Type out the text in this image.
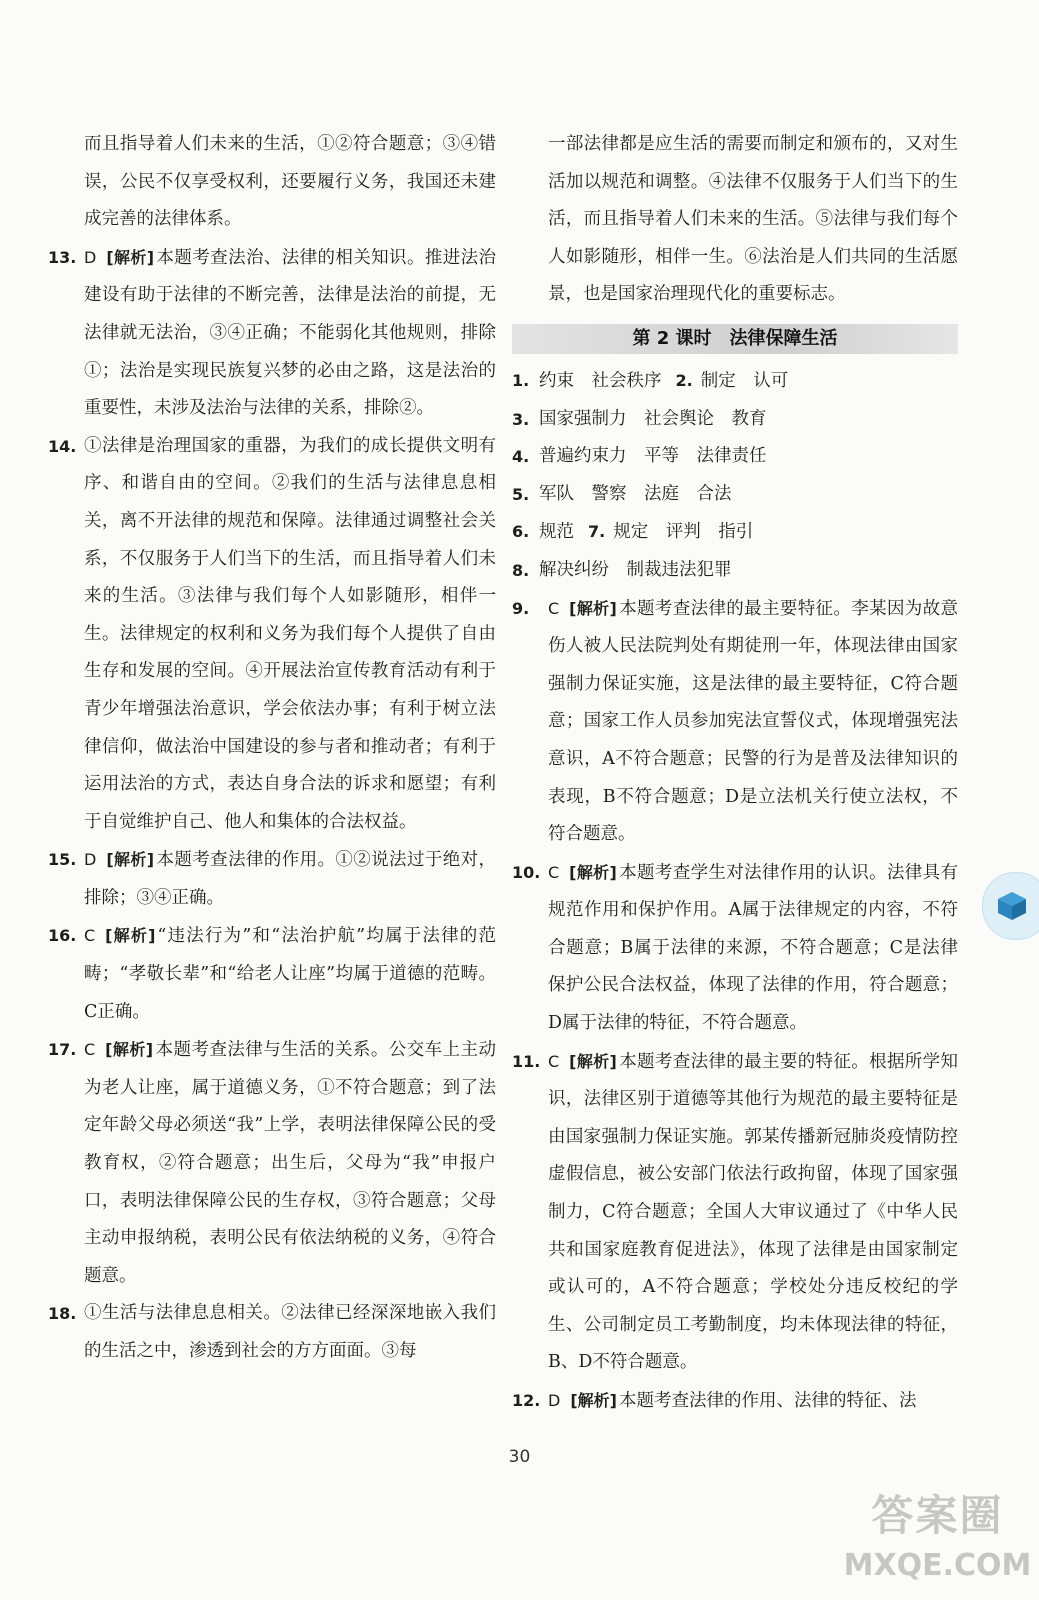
而且指导着人们未来的生活，①②符合题意；③④错误，公民不仅享受权利，还要履行义务，我国还未建成完善的法律体系。

13. D [解析] 本题考查法治、法律的相关知识。推进法治建设有助于法律的不断完善，法律是法治的前提，无法律就无法治，③④正确；不能弱化其他规则，排除①；法治是实现民族复兴梦的必由之路，这是法治的重要性，未涉及法治与法律的关系，排除②。
14. ①法律是治理国家的重器，为我们的成长提供文明有序、和谐自由的空间。②我们的生活与法律息息相关，离不开法律的规范和保障。法律通过调整社会关系，不仅服务于人们当下的生活，而且指导着人们未来的生活。③法律与我们每个人如影随形，相伴一生。法律规定的权利和义务为我们每个人提供了自由生存和发展的空间。④开展法治宣传教育活动有利于青少年增强法治意识，学会依法办事；有利于树立法律信仰，做法治中国建设的参与者和推动者；有利于运用法治的方式，表达自身合法的诉求和愿望；有利于自觉维护自己、他人和集体的合法权益。
15. D [解析] 本题考查法律的作用。①②说法过于绝对，排除；③④正确。
16. C [解析] “违法行为”和“法治护航”均属于法律的范畴；“孝敬长辈”和“给老人让座”均属于道德的范畴。C正确。
17. C [解析] 本题考查法律与生活的关系。公交车上主动为老人让座，属于道德义务，①不符合题意；到了法定年龄父母必须送“我”上学，表明法律保障公民的受教育权，②符合题意；出生后，父母为“我”申报户口，表明法律保障公民的生存权，③符合题意；父母主动申报纳税，表明公民有依法纳税的义务，④符合题意。
18. ①生活与法律息息相关。②法律已经深深地嵌入我们的生活之中，渗透到社会的方方面面。③每

一部法律都是应生活的需要而制定和颁布的，又对生活加以规范和调整。④法律不仅服务于人们当下的生活，而且指导着人们未来的生活。⑤法律与我们每个人如影随形，相伴一生。⑥法治是人们共同的生活愿景，也是国家治理现代化的重要标志。

第 2 课时　法律保障生活
1. 约束　社会秩序 2. 制定　认可
3. 国家强制力　社会舆论　教育
4. 普遍约束力　平等　法律责任
5. 军队　警察　法庭　合法
6. 规范 7. 规定　评判　指引
8. 解决纠纷　制裁违法犯罪
9.	C [解析] 本题考查法律的最主要特征。李某因为故意伤人被人民法院判处有期徒刑一年，体现法律由国家强制力保证实施，这是法律的最主要特征，C符合题意；国家工作人员参加宪法宣誓仪式，体现增强宪法意识，A不符合题意；民警的行为是普及法律知识的表现，B不符合题意；D是立法机关行使立法权，不符合题意。
10. C [解析] 本题考查学生对法律作用的认识。法律具有规范作用和保护作用。A属于法律规定的内容，不符合题意；B属于法律的来源，不符合题意；C是法律保护公民合法权益，体现了法律的作用，符合题意；D属于法律的特征，不符合题意。
11. C [解析] 本题考查法律的最主要的特征。根据所学知识，法律区别于道德等其他行为规范的最主要特征是由国家强制力保证实施。郭某传播新冠肺炎疫情防控虚假信息，被公安部门依法行政拘留，体现了国家强制力，C符合题意；全国人大审议通过了《中华人民共和国家庭教育促进法》，体现了法律是由国家制定或认可的，A不符合题意；学校处分违反校纪的学生、公司制定员工考勤制度，均未体现法律的特征，B、D不符合题意。
12. D [解析] 本题考查法律的作用、法律的特征、法
30
答案圈
MXQE.COM
